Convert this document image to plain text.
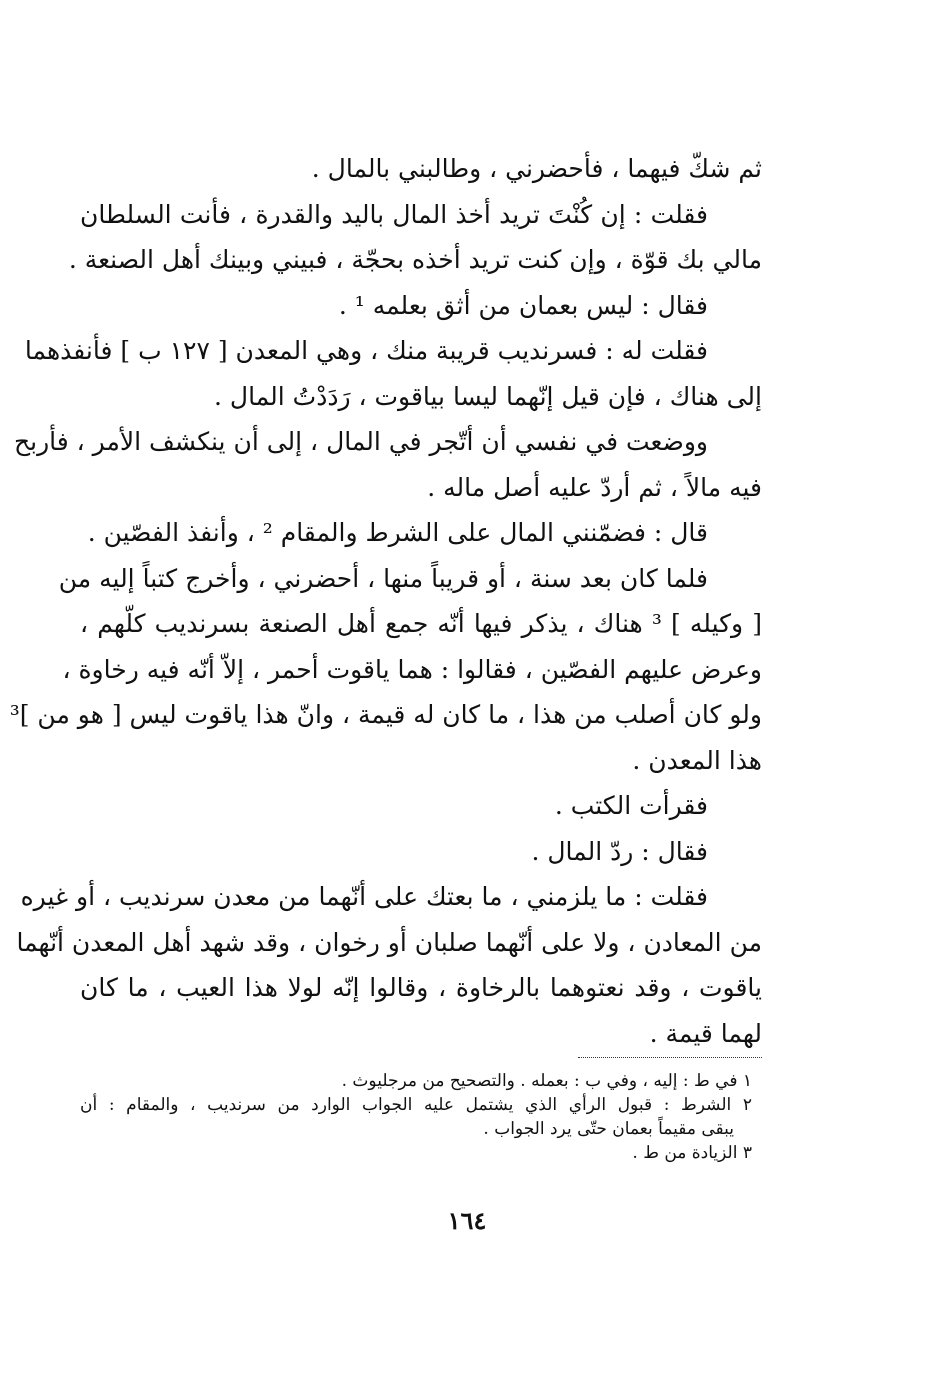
ثم شكّ فيهما ، فأحضرني ، وطالبني بالمال .
فقلت : إن كُنْتَ تريد أخذ المال باليد والقدرة ، فأنت السلطان
مالي بك قوّة ، وإن كنت تريد أخذه بحجّة ، فبيني وبينك أهل الصنعة .
فقال : ليس بعمان من أثق بعلمه ¹ .
فقلت له : فسرنديب قريبة منك ، وهي المعدن [ ١٢٧ ب ] فأنفذهما
إلى هناك ، فإن قيل إنّهما ليسا بياقوت ، رَدَدْتُ المال .
ووضعت في نفسي أن أتّجر في المال ، إلى أن ينكشف الأمر ، فأربح
فيه مالاً ، ثم أردّ عليه أصل ماله .
قال : فضمّنني المال على الشرط والمقام ² ، وأنفذ الفصّين .
فلما كان بعد سنة ، أو قريباً منها ، أحضرني ، وأخرج كتباً إليه من
[ وكيله ] ³ هناك ، يذكر فيها أنّه جمع أهل الصنعة بسرنديب كلّهم ،
وعرض عليهم الفصّين ، فقالوا : هما ياقوت أحمر ، إلاّ أنّه فيه رخاوة ،
ولو كان أصلب من هذا ، ما كان له قيمة ، وانّ هذا ياقوت ليس [ هو من ]³
هذا المعدن .
فقرأت الكتب .
فقال : ردّ المال .
فقلت : ما يلزمني ، ما بعتك على أنّهما من معدن سرنديب ، أو غيره
من المعادن ، ولا على أنّهما صلبان أو رخوان ، وقد شهد أهل المعدن أنّهما
ياقوت ، وقد نعتوهما بالرخاوة ، وقالوا إنّه لولا هذا العيب ، ما كان
لهما قيمة .
١ في ط : إليه ، وفي ب : بعمله . والتصحيح من مرجليوث .
٢ الشرط : قبول الرأي الذي يشتمل عليه الجواب الوارد من سرنديب ، والمقام : أن
يبقى مقيماً بعمان حتّى يرد الجواب .
٣ الزيادة من ط .
١٦٤
